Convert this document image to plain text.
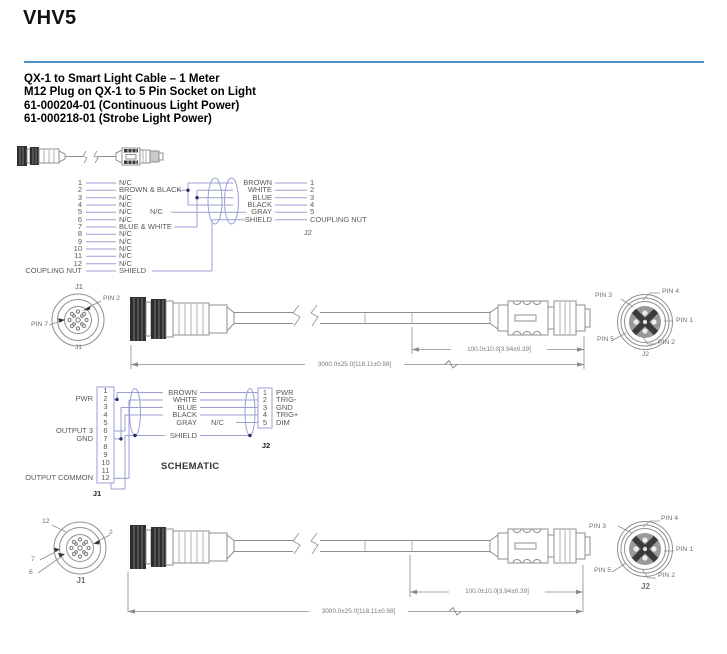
VHV5
QX-1 to Smart Light Cable – 1 Meter
M12 Plug on QX-1 to 5 Pin Socket on Light
61-000204-01 (Continuous Light Power)
61-000218-01 (Strobe Light Power)
1
2
3
4
5
6
7
8
9
10
11
12
COUPLING NUT
N/C
BROWN & BLACK
N/C
N/C
N/C
N/C
BLUE & WHITE
N/C
N/C
N/C
N/C
N/C
SHIELD
N/C
BROWN
WHITE
BLUE
BLACK
GRAY
SHIELD
1
2
3
4
5
COUPLING NUT
J1
J2
1
2
3
4
5
6
7
8
9
10
11
12
PWR
OUTPUT 3
GND
OUTPUT COMMON
BROWN
WHITE
BLUE
BLACK
GRAY
SHIELD
N/C
1
2
3
4
5
PWR
TRIG-
GND
TRIG+
DIM
J2
J1
SCHEMATIC
PIN 2
PIN 7
J1
PIN 3
PIN 4
PIN 1
PIN 2
PIN 5
J2
100.0±10.0[3.94±0.39]
3000.0±25.0[118.11±0.98]
12
2
7
6
J1
PIN 3
PIN 4
PIN 1
PIN 2
PIN 5
J2
100.0±10.0[3.94±0.39]
3000.0±25.0[118.11±0.98]
